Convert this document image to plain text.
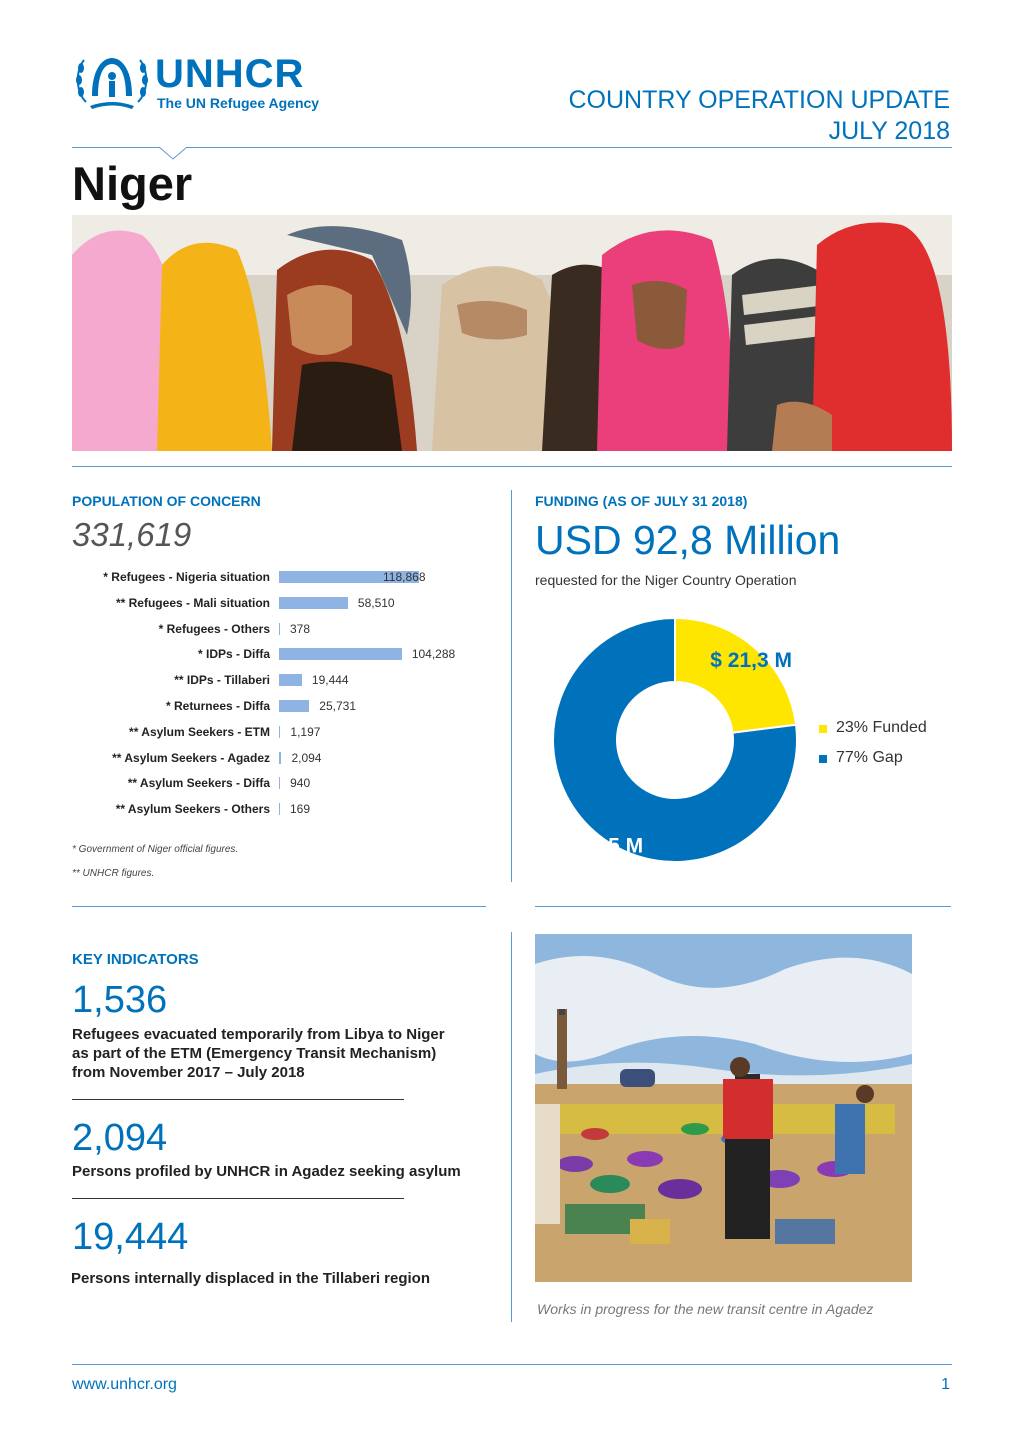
UNHCR
The UN Refugee Agency	COUNTRY OPERATION UPDATE
JULY 2018
Niger
POPULATION OF CONCERN
331,619
* Refugees - Nigeria situation	118,868
** Refugees - Mali situation	58,510
* Refugees - Others 378
* IDPs - Diffa	104,288
** IDPs - Tillaberi	19,444
* Returnees - Diffa	25,731
** Asylum Seekers - ETM 1,197
** Asylum Seekers - Agadez 2,094
** Asylum Seekers - Diffa 940
** Asylum Seekers - Others 169
* Government of Niger official figures.
** UNHCR figures.
FUNDING (AS OF JULY 31 2018)
USD 92,8 Million
requested for the Niger Country Operation
$ 21,3 M
$ 71,5 M
23% Funded
77% Gap
KEY INDICATORS
1,536
Refugees evacuated temporarily from Libya to Niger
as part of the ETM (Emergency Transit Mechanism)
from November 2017 – July 2018
2,094
Persons profiled by UNHCR in Agadez seeking asylum
19,444
Persons internally displaced in the Tillaberi region
Works in progress for the new transit centre in Agadez
www.unhcr.org	1
